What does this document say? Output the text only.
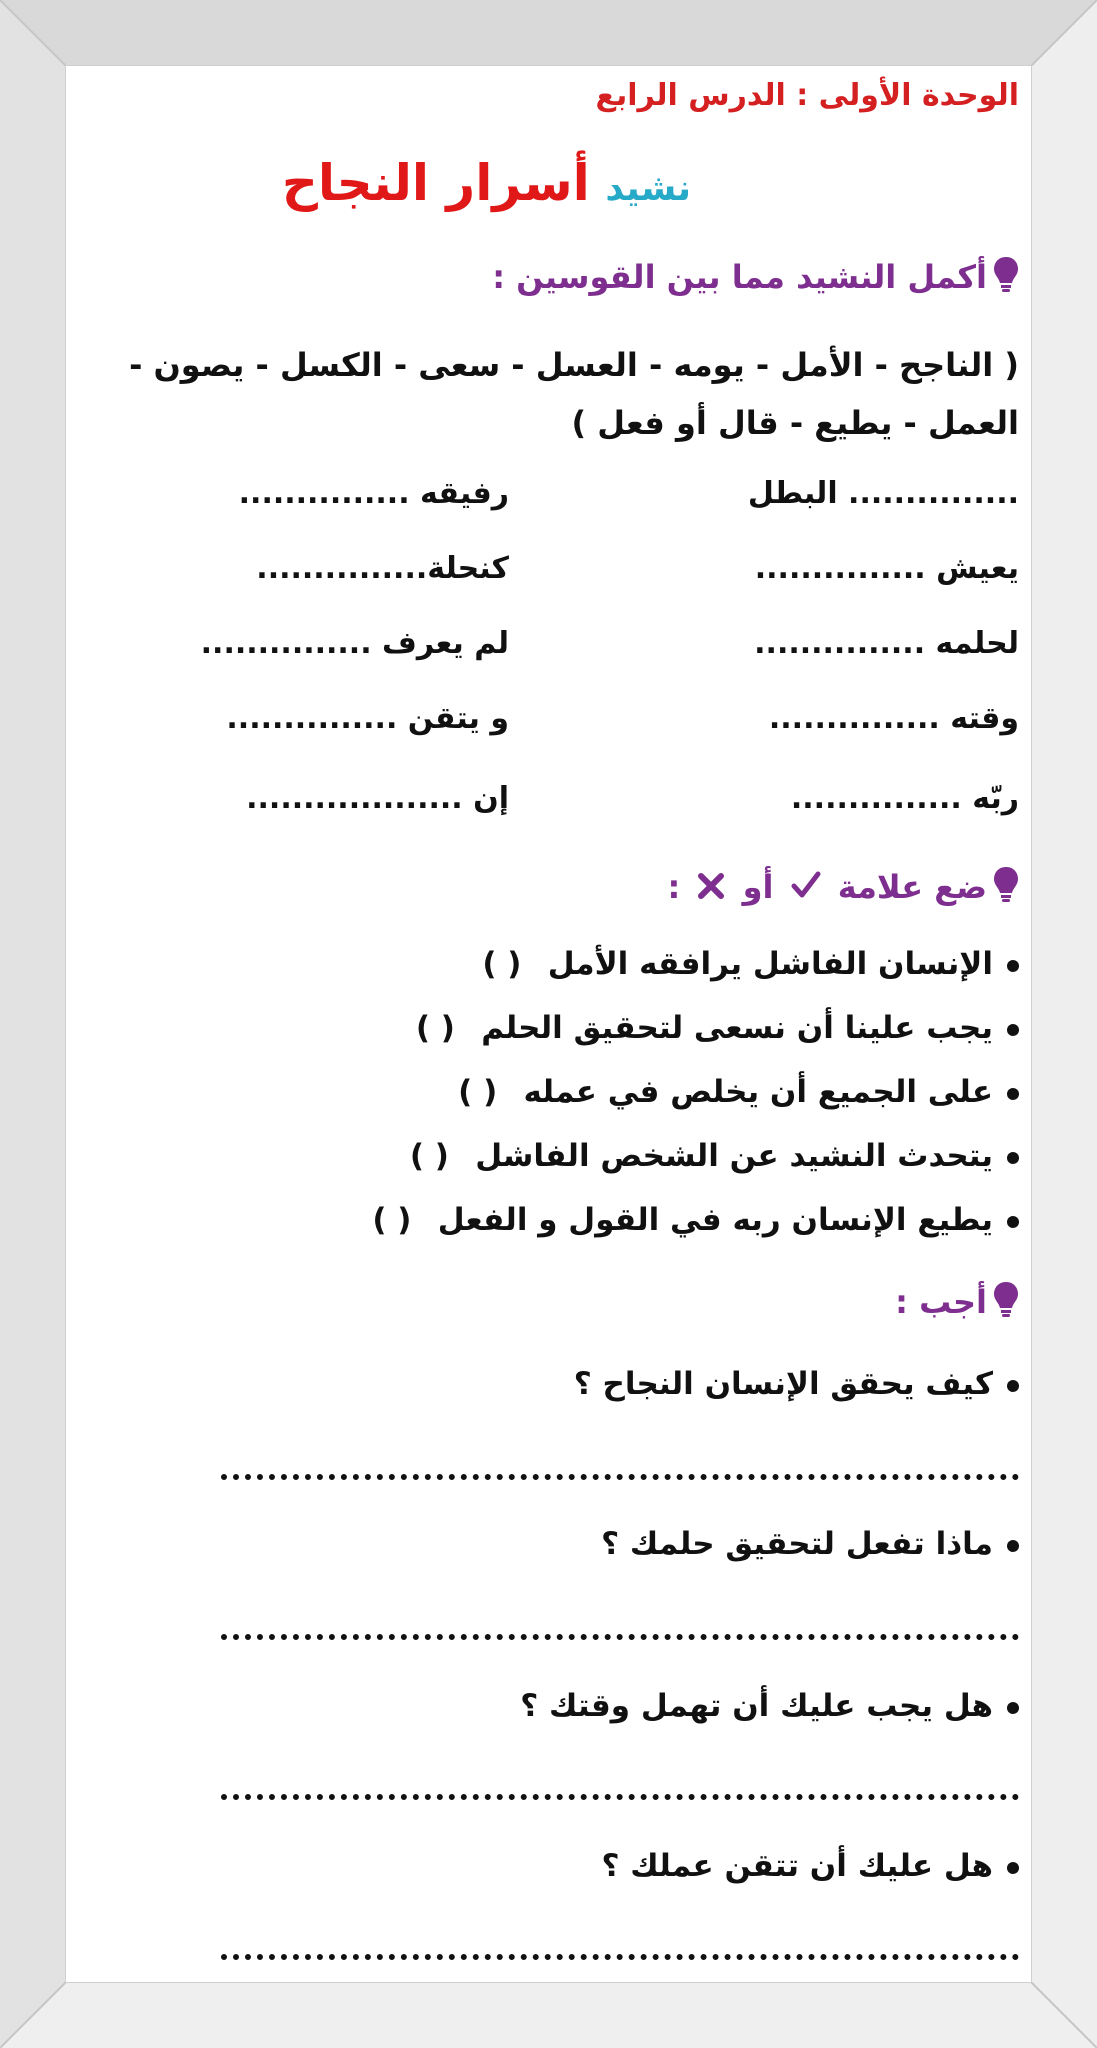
الوحدة الأولى : الدرس الرابع
نشيد أسرار النجاح
أكمل النشيد مما بين القوسين :
( الناجح - الأمل - يومه - العسل - سعى - الكسل - يصون - العمل - يطيع - قال أو فعل )
............... البطل
رفيقه ...............
يعيش ...............
كنحلة...............
لحلمه ...............
لم يعرف ...............
وقته ...............
و يتقن ...............
ربّه ...............
إن ...................
ضع علامة  أو  :
الإنسان الفاشل يرافقه الأمل ( )
يجب علينا أن نسعى لتحقيق الحلم ( )
على الجميع أن يخلص في عمله ( )
يتحدث النشيد عن الشخص الفاشل ( )
يطيع الإنسان ربه في القول و الفعل ( )
أجب :
كيف يحقق الإنسان النجاح ؟
ماذا تفعل لتحقيق حلمك ؟
هل يجب عليك أن تهمل وقتك ؟
هل عليك أن تتقن عملك ؟
